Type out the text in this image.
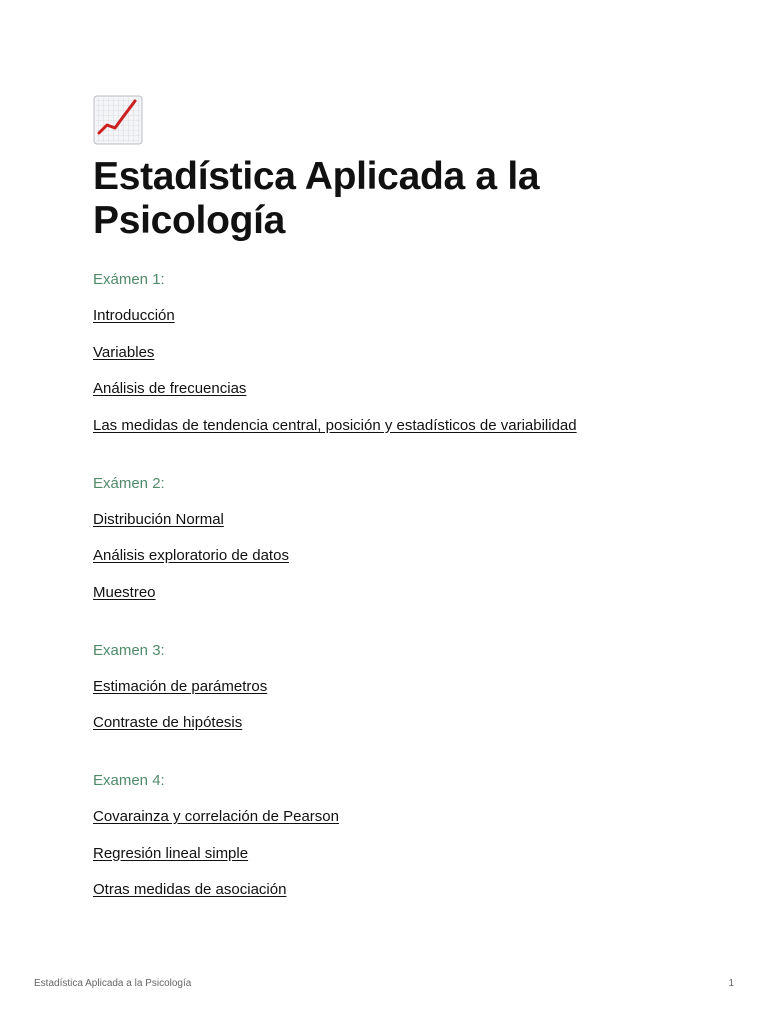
Estadística Aplicada a la
Psicología
Exámen 1:
Introducción
Variables
Análisis de frecuencias
Las medidas de tendencia central, posición y estadísticos de variabilidad
Exámen 2:
Distribución Normal
Análisis exploratorio de datos
Muestreo
Examen 3:
Estimación de parámetros
Contraste de hipótesis
Examen 4:
Covarainza y correlación de Pearson
Regresión lineal simple
Otras medidas de asociación
Estadística Aplicada a la Psicología	1
